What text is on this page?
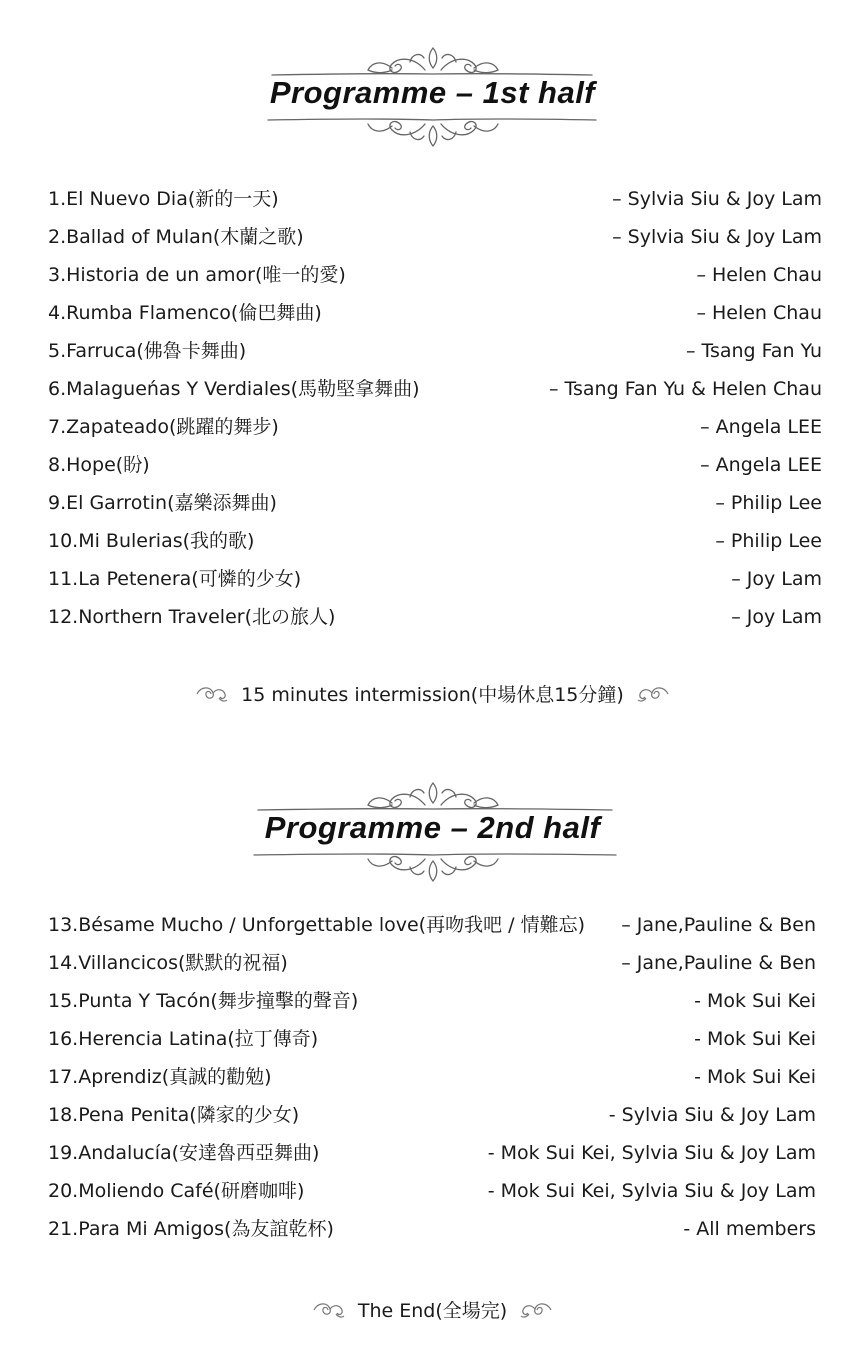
Programme – 1st half
1.El Nuevo Dia(新的一天)	– Sylvia Siu & Joy Lam
2.Ballad of Mulan(木蘭之歌)	– Sylvia Siu & Joy Lam
3.Historia de un amor(唯一的愛)	– Helen Chau
4.Rumba Flamenco(倫巴舞曲)	– Helen Chau
5.Farruca(佛魯卡舞曲)	– Tsang Fan Yu
6.Malagueńas Y Verdiales(馬勒堅拿舞曲)	– Tsang Fan Yu & Helen Chau
7.Zapateado(跳躍的舞步)	– Angela LEE
8.Hope(盼)	– Angela LEE
9.El Garrotin(嘉樂添舞曲)	– Philip Lee
10.Mi Bulerias(我的歌)	– Philip Lee
11.La Petenera(可憐的少女)	– Joy Lam
12.Northern Traveler(北の旅人)	– Joy Lam
15 minutes intermission(中場休息15分鐘)
Programme – 2nd half
13.Bésame Mucho / Unforgettable love(再吻我吧 / 情難忘) – Jane,Pauline & Ben
14.Villancicos(默默的祝福)	– Jane,Pauline & Ben
15.Punta Y Tacón(舞步撞擊的聲音)	- Mok Sui Kei
16.Herencia Latina(拉丁傳奇)	- Mok Sui Kei
17.Aprendiz(真誠的勸勉)	- Mok Sui Kei
18.Pena Penita(隣家的少女)	- Sylvia Siu & Joy Lam
19.Andalucía(安達魯西亞舞曲)	- Mok Sui Kei, Sylvia Siu & Joy Lam
20.Moliendo Café(研磨咖啡)	- Mok Sui Kei, Sylvia Siu & Joy Lam
21.Para Mi Amigos(為友誼乾杯)	- All members
The End(全場完)
